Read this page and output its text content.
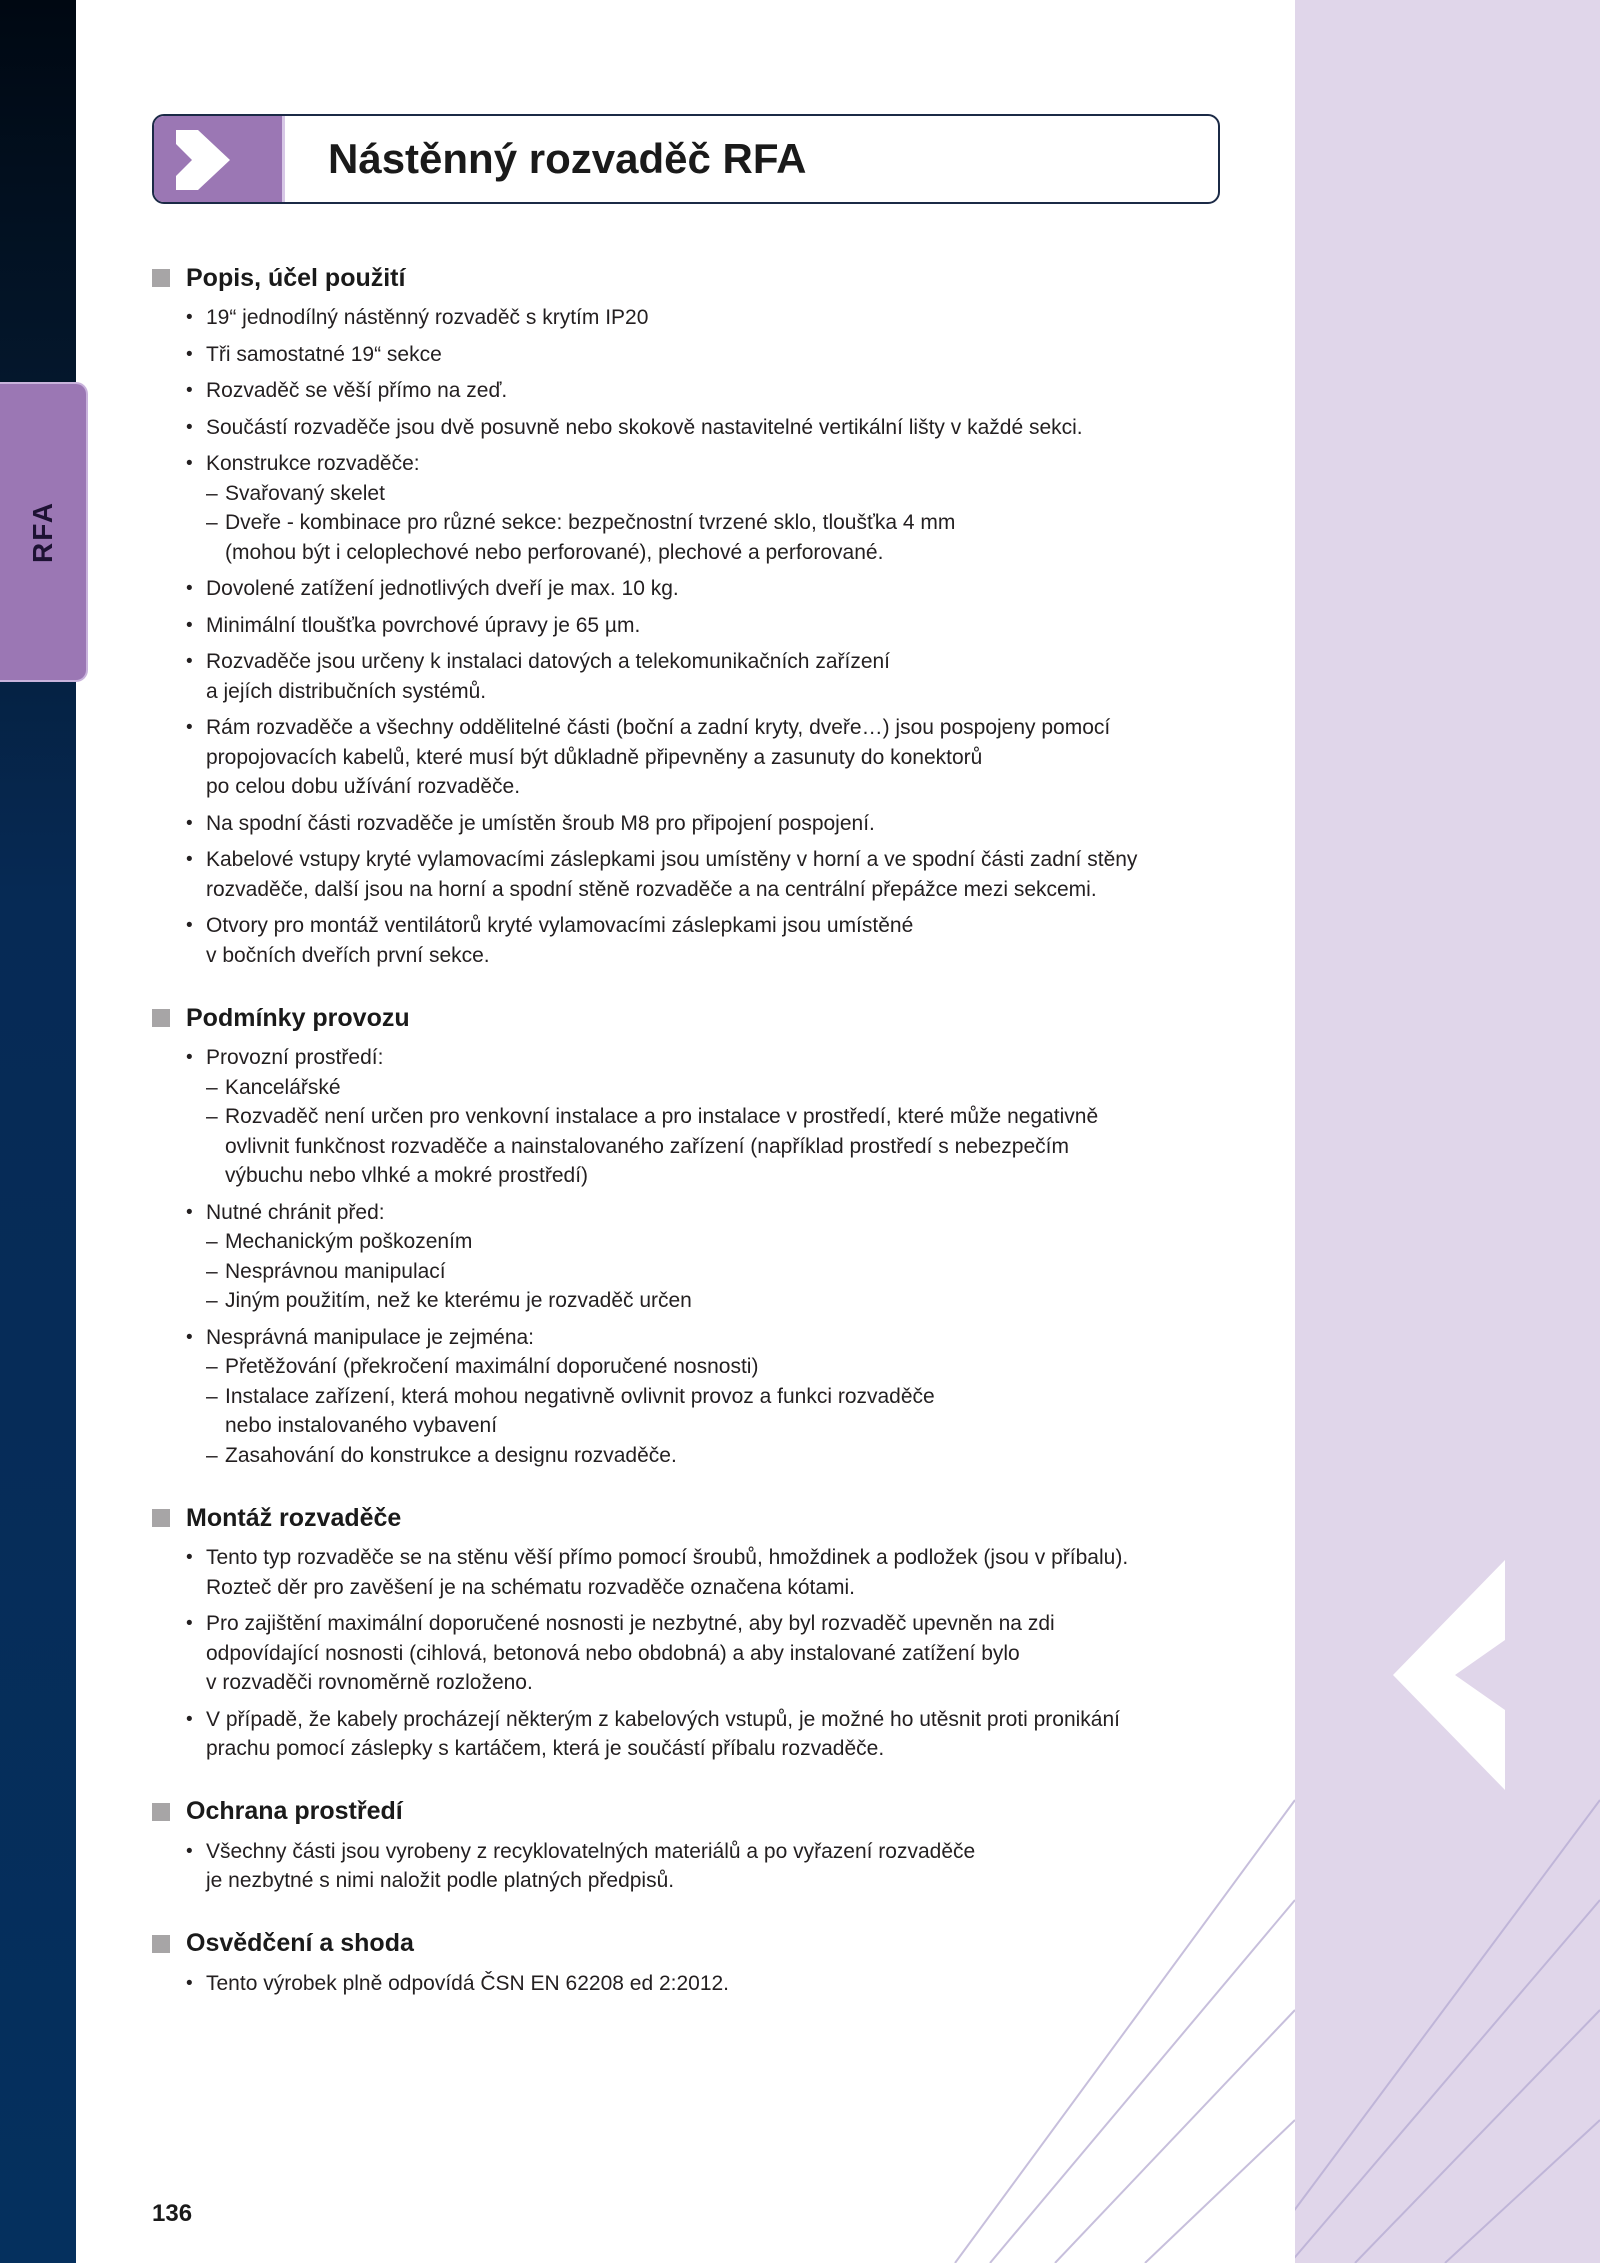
RFA
Nástěnný rozvaděč RFA
Popis, účel použití
• 19“ jednodílný nástěnný rozvaděč s krytím IP20
• Tři samostatné 19“ sekce
• Rozvaděč se věší přímo na zeď.
• Součástí rozvaděče jsou dvě posuvně nebo skokově nastavitelné vertikální lišty v každé sekci.
• Konstrukce rozvaděče:
– Svařovaný skelet
– Dveře - kombinace pro různé sekce: bezpečnostní tvrzené sklo, tloušťka 4 mm
(mohou být i celoplechové nebo perforované), plechové a perforované.
• Dovolené zatížení jednotlivých dveří je max. 10 kg.
• Minimální tloušťka povrchové úpravy je 65 µm.
• Rozvaděče jsou určeny k instalaci datových a telekomunikačních zařízení
a jejích distribučních systémů.
• Rám rozvaděče a všechny oddělitelné části (boční a zadní kryty, dveře…) jsou pospojeny pomocí
propojovacích kabelů, které musí být důkladně připevněny a zasunuty do konektorů
po celou dobu užívání rozvaděče.
• Na spodní části rozvaděče je umístěn šroub M8 pro připojení pospojení.
• Kabelové vstupy kryté vylamovacími záslepkami jsou umístěny v horní a ve spodní části zadní stěny
rozvaděče, další jsou na horní a spodní stěně rozvaděče a na centrální přepážce mezi sekcemi.
• Otvory pro montáž ventilátorů kryté vylamovacími záslepkami jsou umístěné
v bočních dveřích první sekce.
Podmínky provozu
• Provozní prostředí:
– Kancelářské
– Rozvaděč není určen pro venkovní instalace a pro instalace v prostředí, které může negativně
ovlivnit funkčnost rozvaděče a nainstalovaného zařízení (například prostředí s nebezpečím
výbuchu nebo vlhké a mokré prostředí)
• Nutné chránit před:
– Mechanickým poškozením
– Nesprávnou manipulací
– Jiným použitím, než ke kterému je rozvaděč určen
• Nesprávná manipulace je zejména:
– Přetěžování (překročení maximální doporučené nosnosti)
– Instalace zařízení, která mohou negativně ovlivnit provoz a funkci rozvaděče
nebo instalovaného vybavení
– Zasahování do konstrukce a designu rozvaděče.
Montáž rozvaděče
• Tento typ rozvaděče se na stěnu věší přímo pomocí šroubů, hmoždinek a podložek (jsou v příbalu).
Rozteč děr pro zavěšení je na schématu rozvaděče označena kótami.
• Pro zajištění maximální doporučené nosnosti je nezbytné, aby byl rozvaděč upevněn na zdi
odpovídající nosnosti (cihlová, betonová nebo obdobná) a aby instalované zatížení bylo
v rozvaděči rovnoměrně rozloženo.
• V případě, že kabely procházejí některým z kabelových vstupů, je možné ho utěsnit proti pronikání
prachu pomocí záslepky s kartáčem, která je součástí příbalu rozvaděče.
Ochrana prostředí
• Všechny části jsou vyrobeny z recyklovatelných materiálů a po vyřazení rozvaděče
je nezbytné s nimi naložit podle platných předpisů.
Osvědčení a shoda
• Tento výrobek plně odpovídá ČSN EN 62208 ed 2:2012.
136
